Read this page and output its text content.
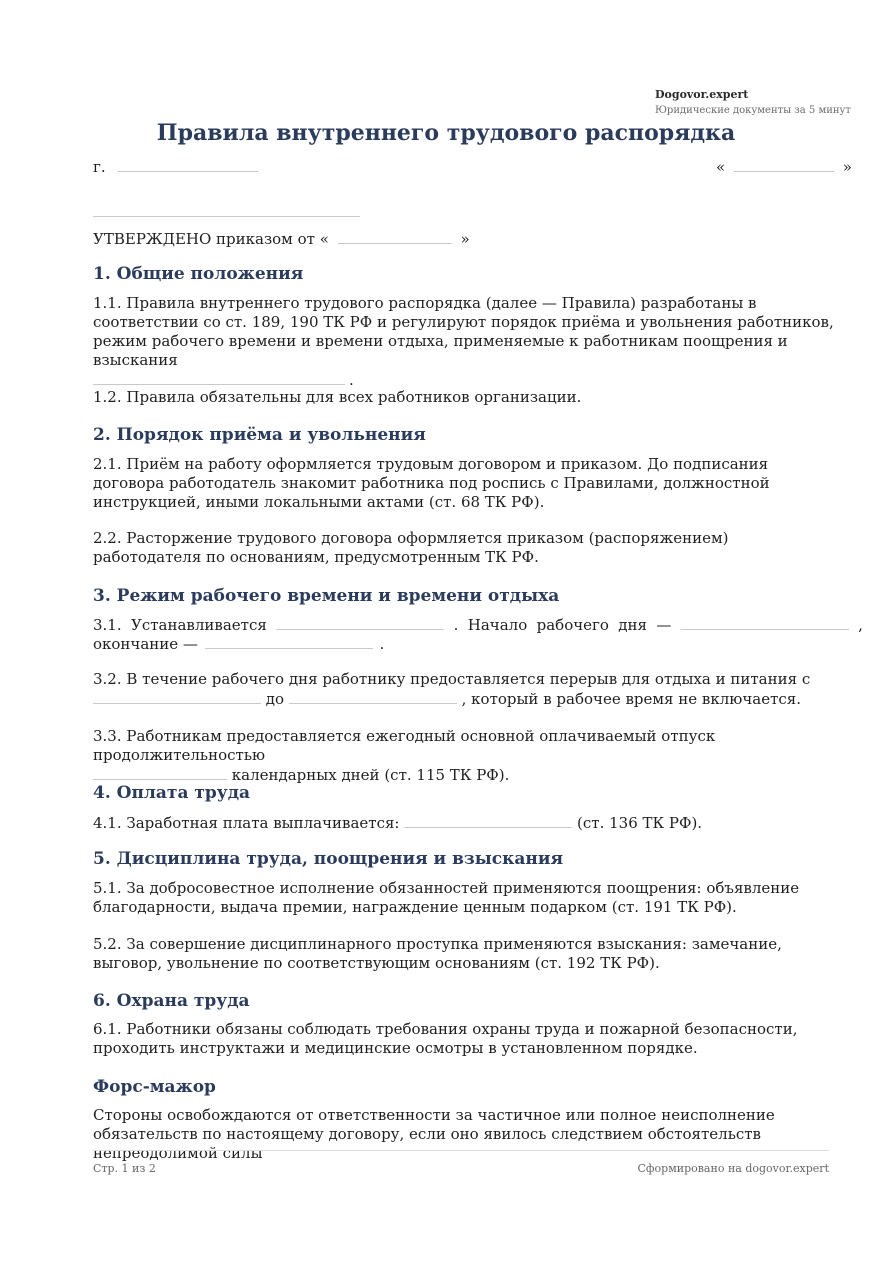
Dogovor.expert
Юридические документы за 5 минут
Правила внутреннего трудового распорядка
г.	«	»
УТВЕРЖДЕНО приказом от «	»
1. Общие положения

1.1. Правила внутреннего трудового распорядка (далее — Правила) разработаны в соответствии со ст. 189, 190 ТК РФ и регулируют порядок приёма и увольнения работников, режим рабочего времени и времени отдыха, применяемые к работникам поощрения и взыскания
.

1.2. Правила обязательны для всех работников организации.

2. Порядок приёма и увольнения

2.1. Приём на работу оформляется трудовым договором и приказом. До подписания договора работодатель знакомит работника под роспись с Правилами, должностной инструкцией, иными локальными актами (ст. 68 ТК РФ).

2.2. Расторжение трудового договора оформляется приказом (распоряжением) работодателя по основаниям, предусмотренным ТК РФ.

3. Режим рабочего времени и времени отдыха

3.1. Устанавливается	. Начало рабочего дня —	,

окончание —	.

3.2. В течение рабочего дня работнику предоставляется перерыв для отдыха и питания с
до	, который в рабочее время не включается.

3.3. Работникам предоставляется ежегодный основной оплачиваемый отпуск продолжительностью
календарных дней (ст. 115 ТК РФ).

4. Оплата труда

4.1. Заработная плата выплачивается:	(ст. 136 ТК РФ).

5. Дисциплина труда, поощрения и взыскания

5.1. За добросовестное исполнение обязанностей применяются поощрения: объявление благодарности, выдача премии, награждение ценным подарком (ст. 191 ТК РФ).

5.2. За совершение дисциплинарного проступка применяются взыскания: замечание, выговор, увольнение по соответствующим основаниям (ст. 192 ТК РФ).

6. Охрана труда

6.1. Работники обязаны соблюдать требования охраны труда и пожарной безопасности, проходить инструктажи и медицинские осмотры в установленном порядке.

Форс-мажор

Стороны освобождаются от ответственности за частичное или полное неисполнение обязательств по настоящему договору, если оно явилось следствием обстоятельств непреодолимой силы

Стр. 1 из 2	Сформировано на dogovor.expert
